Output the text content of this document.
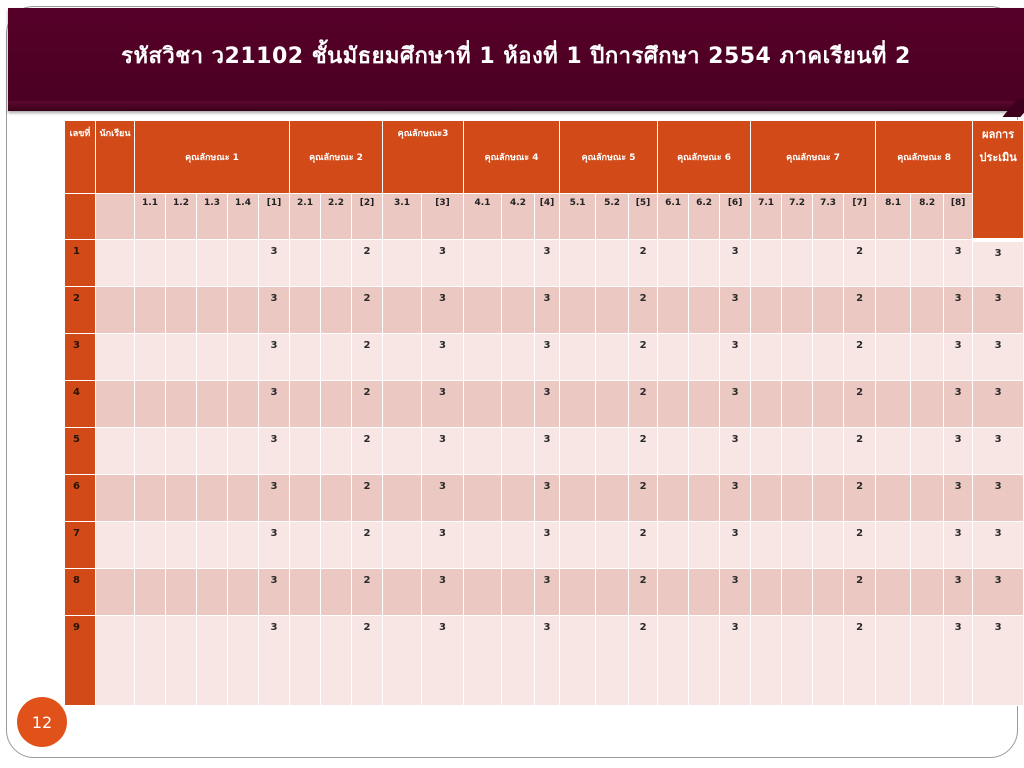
รหัสวิชา ว21102 ชั้นมัธยมศึกษาที่ 1 ห้องที่ 1 ปีการศึกษา 2554 ภาคเรียนที่ 2
เลขที่	นักเรียน	คุณลักษณะ 1					คุณลักษณะ 2			คุณลักษณะ3		คุณลักษณะ 4			คุณลักษณะ 5			คุณลักษณะ 6			คุณลักษณะ 7				คุณลักษณะ 8			ผลการประเมิน
		1.1	1.2	1.3	1.4	[1]	2.1	2.2	[2]	3.1	[3]	4.1	4.2	[4]	5.1	5.2	[5]	6.1	6.2	[6]	7.1	7.2	7.3	[7]	8.1	8.2	[8]	
1						3			2		3			3			2			3				2			3	3
2						3			2		3			3			2			3				2			3	3
3						3			2		3			3			2			3				2			3	3
4						3			2		3			3			2			3				2			3	3
5						3			2		3			3			2			3				2			3	3
6						3			2		3			3			2			3				2			3	3
7						3			2		3			3			2			3				2			3	3
8						3			2		3			3			2			3				2			3	3
9						3			2		3			3			2			3				2			3	3
12
